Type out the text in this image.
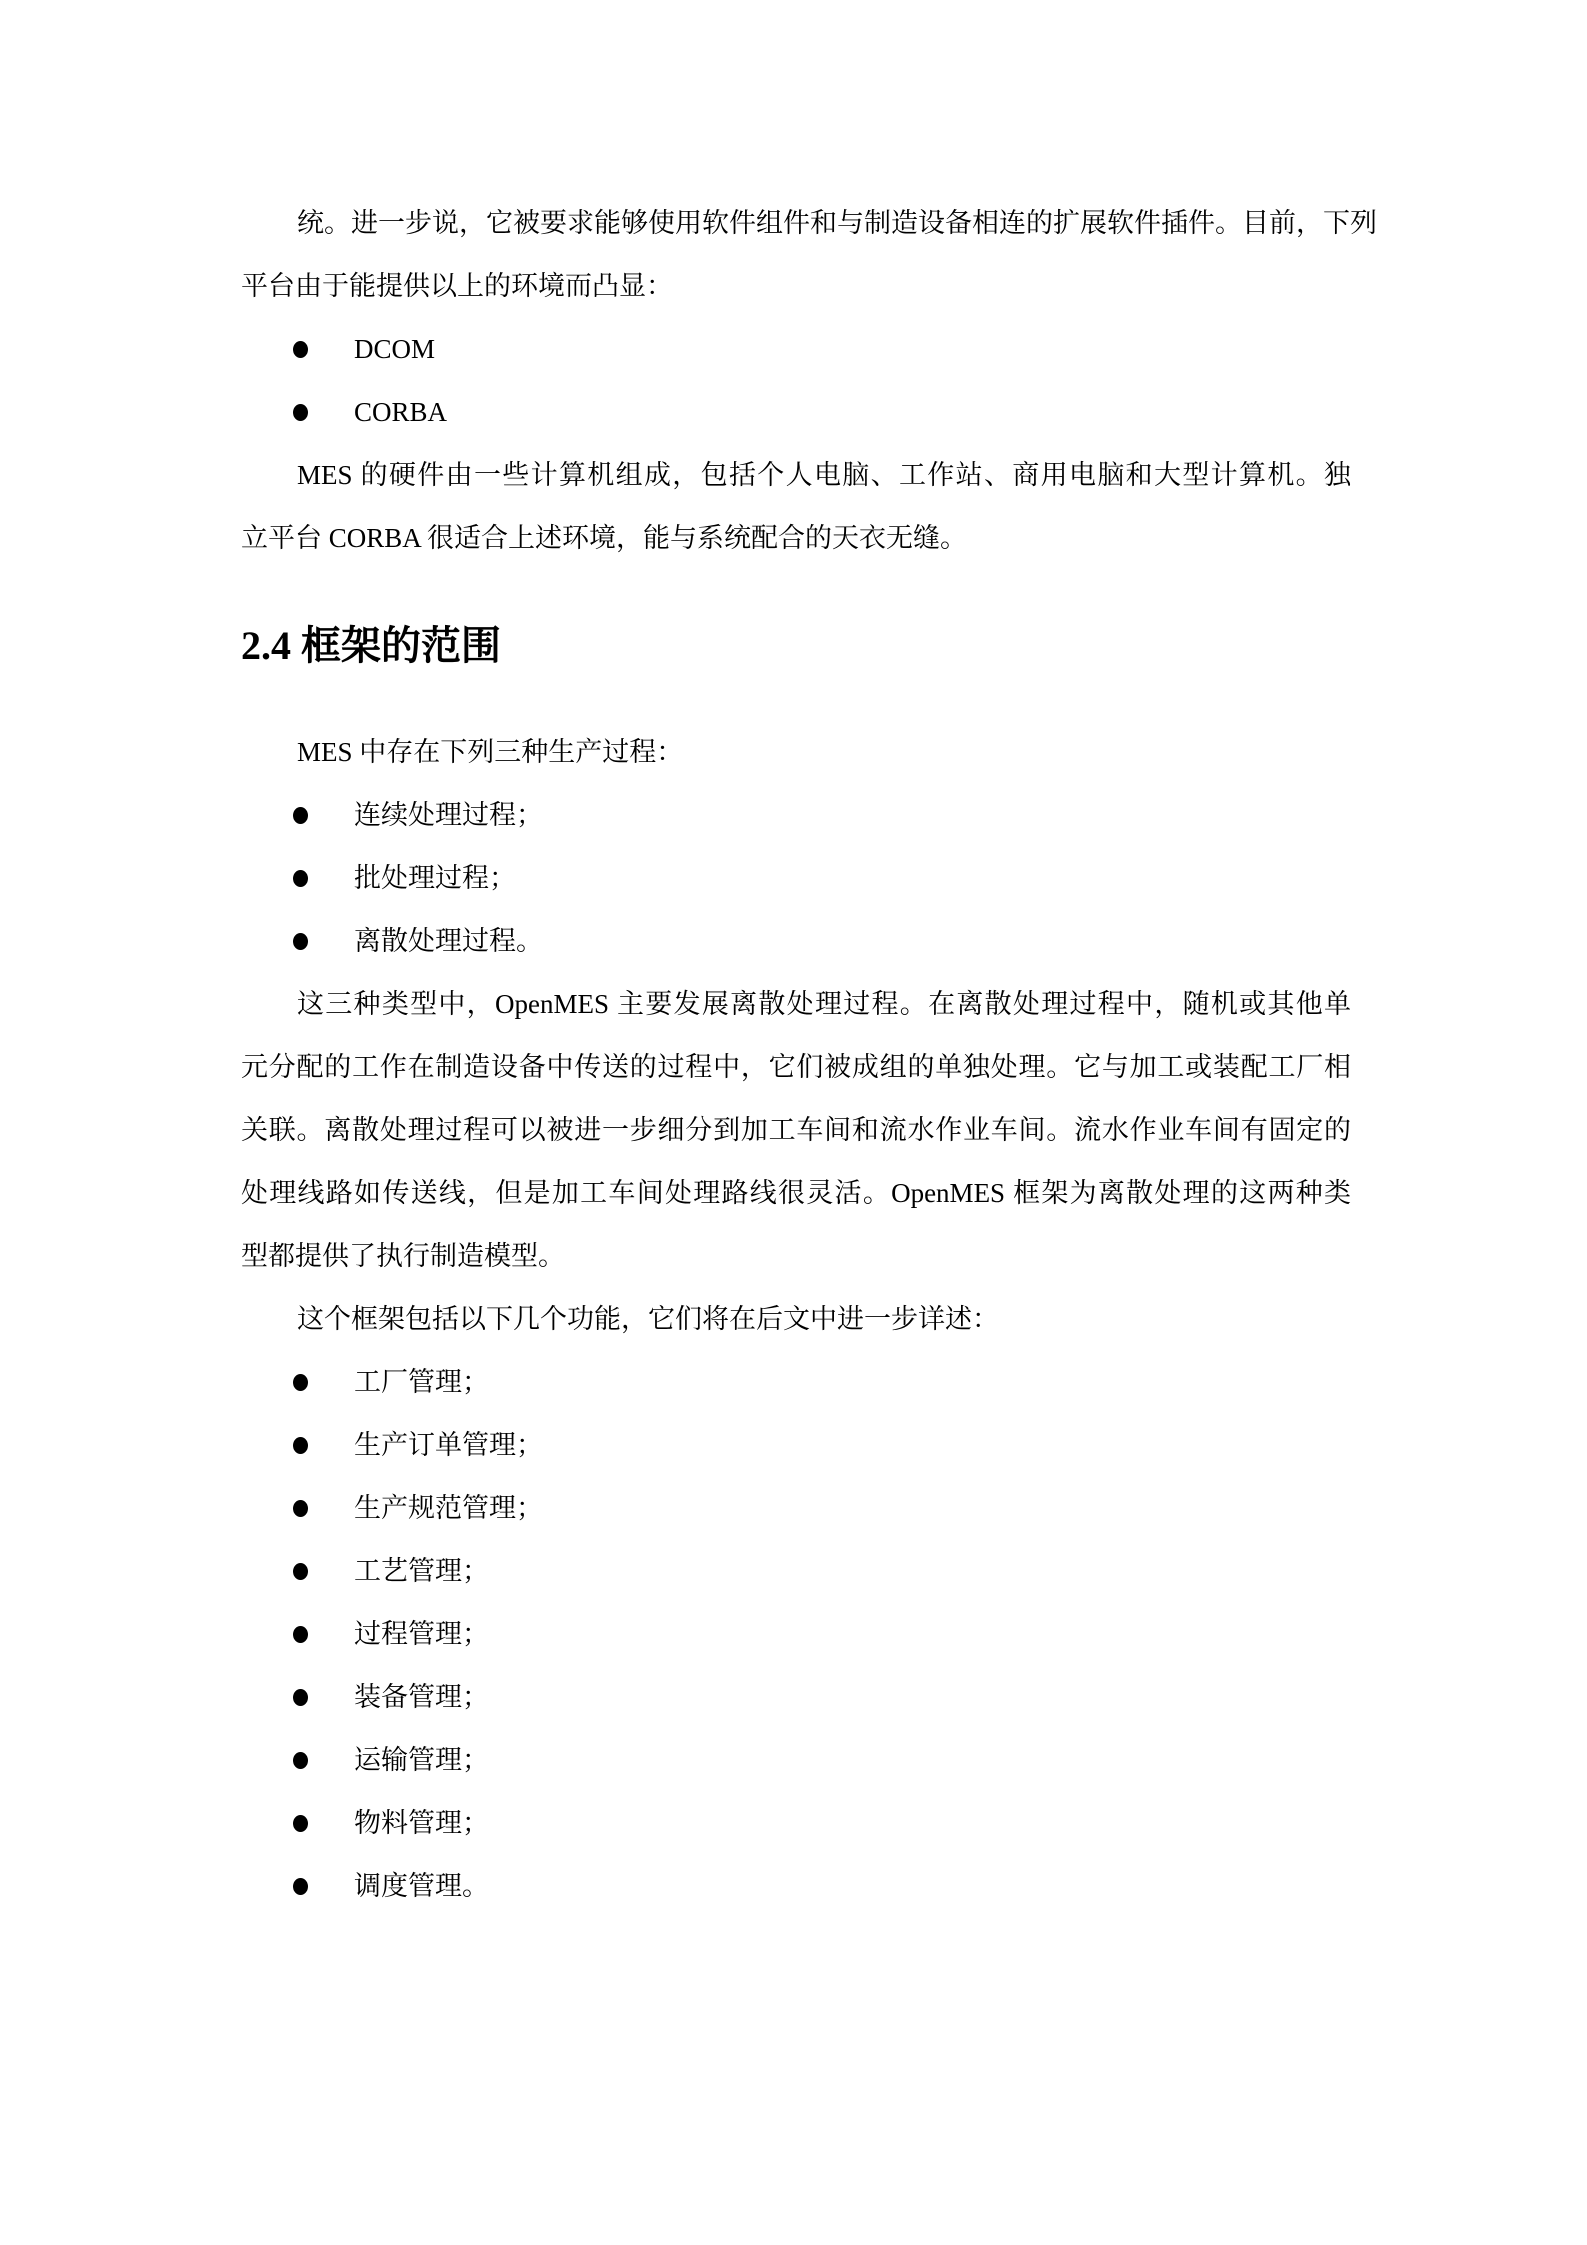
统。进一步说，它被要求能够使用软件组件和与制造设备相连的扩展软件插件。目前，下列
平台由于能提供以上的环境而凸显：
DCOM
CORBA
MES 的硬件由一些计算机组成，包括个人电脑、工作站、商用电脑和大型计算机。独
立平台 CORBA 很适合上述环境，能与系统配合的天衣无缝。
2.4 框架的范围
MES 中存在下列三种生产过程：
连续处理过程；
批处理过程；
离散处理过程。
这三种类型中，OpenMES 主要发展离散处理过程。在离散处理过程中，随机或其他单
元分配的工作在制造设备中传送的过程中，它们被成组的单独处理。它与加工或装配工厂相
关联。离散处理过程可以被进一步细分到加工车间和流水作业车间。流水作业车间有固定的
处理线路如传送线，但是加工车间处理路线很灵活。OpenMES 框架为离散处理的这两种类
型都提供了执行制造模型。
这个框架包括以下几个功能，它们将在后文中进一步详述：
工厂管理；
生产订单管理；
生产规范管理；
工艺管理；
过程管理；
装备管理；
运输管理；
物料管理；
调度管理。
